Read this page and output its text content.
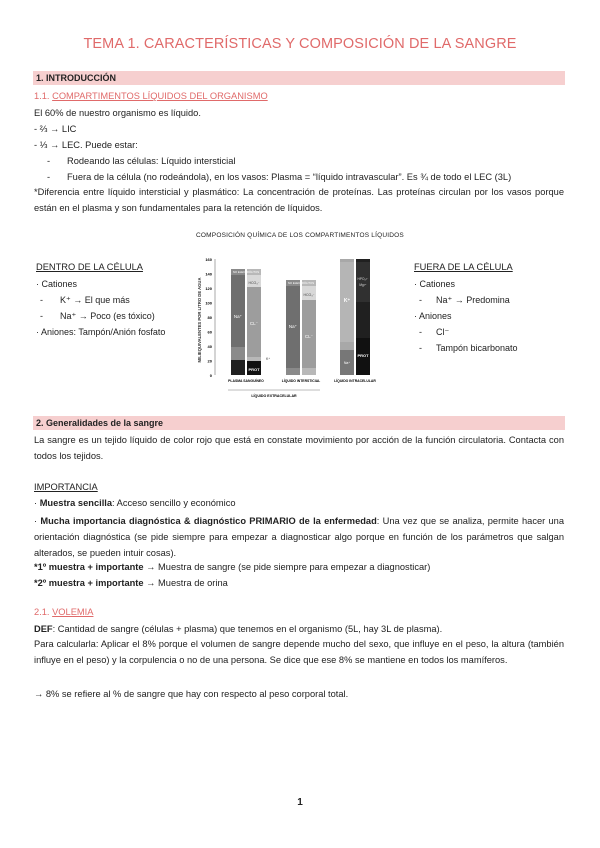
TEMA 1. CARACTERÍSTICAS Y COMPOSICIÓN DE LA SANGRE
1. INTRODUCCIÓN
1.1. COMPARTIMENTOS LÍQUIDOS DEL ORGANISMO
El 60% de nuestro organismo es líquido.
- ⅔ → LIC
- ⅓ → LEC. Puede estar:
- Rodeando las células: Líquido intersticial
- Fuera de la célula (no rodeándola), en los vasos: Plasma = “líquido intravascular”. Es ¾ de todo el LEC (3L)
*Diferencia entre líquido intersticial y plasmático: La concentración de proteínas. Las proteínas circulan por los vasos porque están en el plasma y son fundamentales para la retención de líquidos.
COMPOSICIÓN QUÍMICA DE LOS COMPARTIMENTOS LÍQUIDOS
DENTRO DE LA CÉLULA
· Cationes
- K⁺ → El que más
- Na⁺ → Poco (es tóxico)
· Aniones: Tampón/Anión fosfato
FUERA DE LA CÉLULA
· Cationes
- Na⁺ → Predomina
· Aniones
- Cl⁻
- Tampón bicarbonato
MILIEQUIVALENTES POR LITRO DE AGUA
160
140
120
100
80
60
40
20
0
Na⁺
CL⁻
HCO₃⁻
PROT
NO ELECTRÓLITOS
K⁺
Na⁺
CL⁻
HCO₃⁻
NO ELECTRÓLITOS
K⁺
HPO₄²⁻
Mg²⁺
PROT
Na⁺
PLASMA SANGUÍNEO	LÍQUIDO INTERSTICIAL	LÍQUIDO INTRACELULAR
LÍQUIDO EXTRACELULAR
2. Generalidades de la sangre
La sangre es un tejido líquido de color rojo que está en constate movimiento por acción de la función circulatoria. Contacta con todos los tejidos.
IMPORTANCIA
· Muestra sencilla: Acceso sencillo y económico
· Mucha importancia diagnóstica & diagnóstico PRIMARIO de la enfermedad: Una vez que se analiza, permite hacer una orientación diagnóstica (se pide siempre para empezar a diagnosticar algo porque en función de los parámetros que salgan alterados, se pueden intuir cosas).
*1º muestra + importante → Muestra de sangre (se pide siempre para empezar a diagnosticar)
*2º muestra + importante → Muestra de orina
2.1. VOLEMIA
DEF: Cantidad de sangre (células + plasma) que tenemos en el organismo (5L, hay 3L de plasma).
Para calcularla: Aplicar el 8% porque el volumen de sangre depende mucho del sexo, que influye en el peso, la altura (también influye en el peso) y la corpulencia o no de una persona. Se dice que ese 8% se mantiene en todos los mamíferos.
→ 8% se refiere al % de sangre que hay con respecto al peso corporal total.
1
